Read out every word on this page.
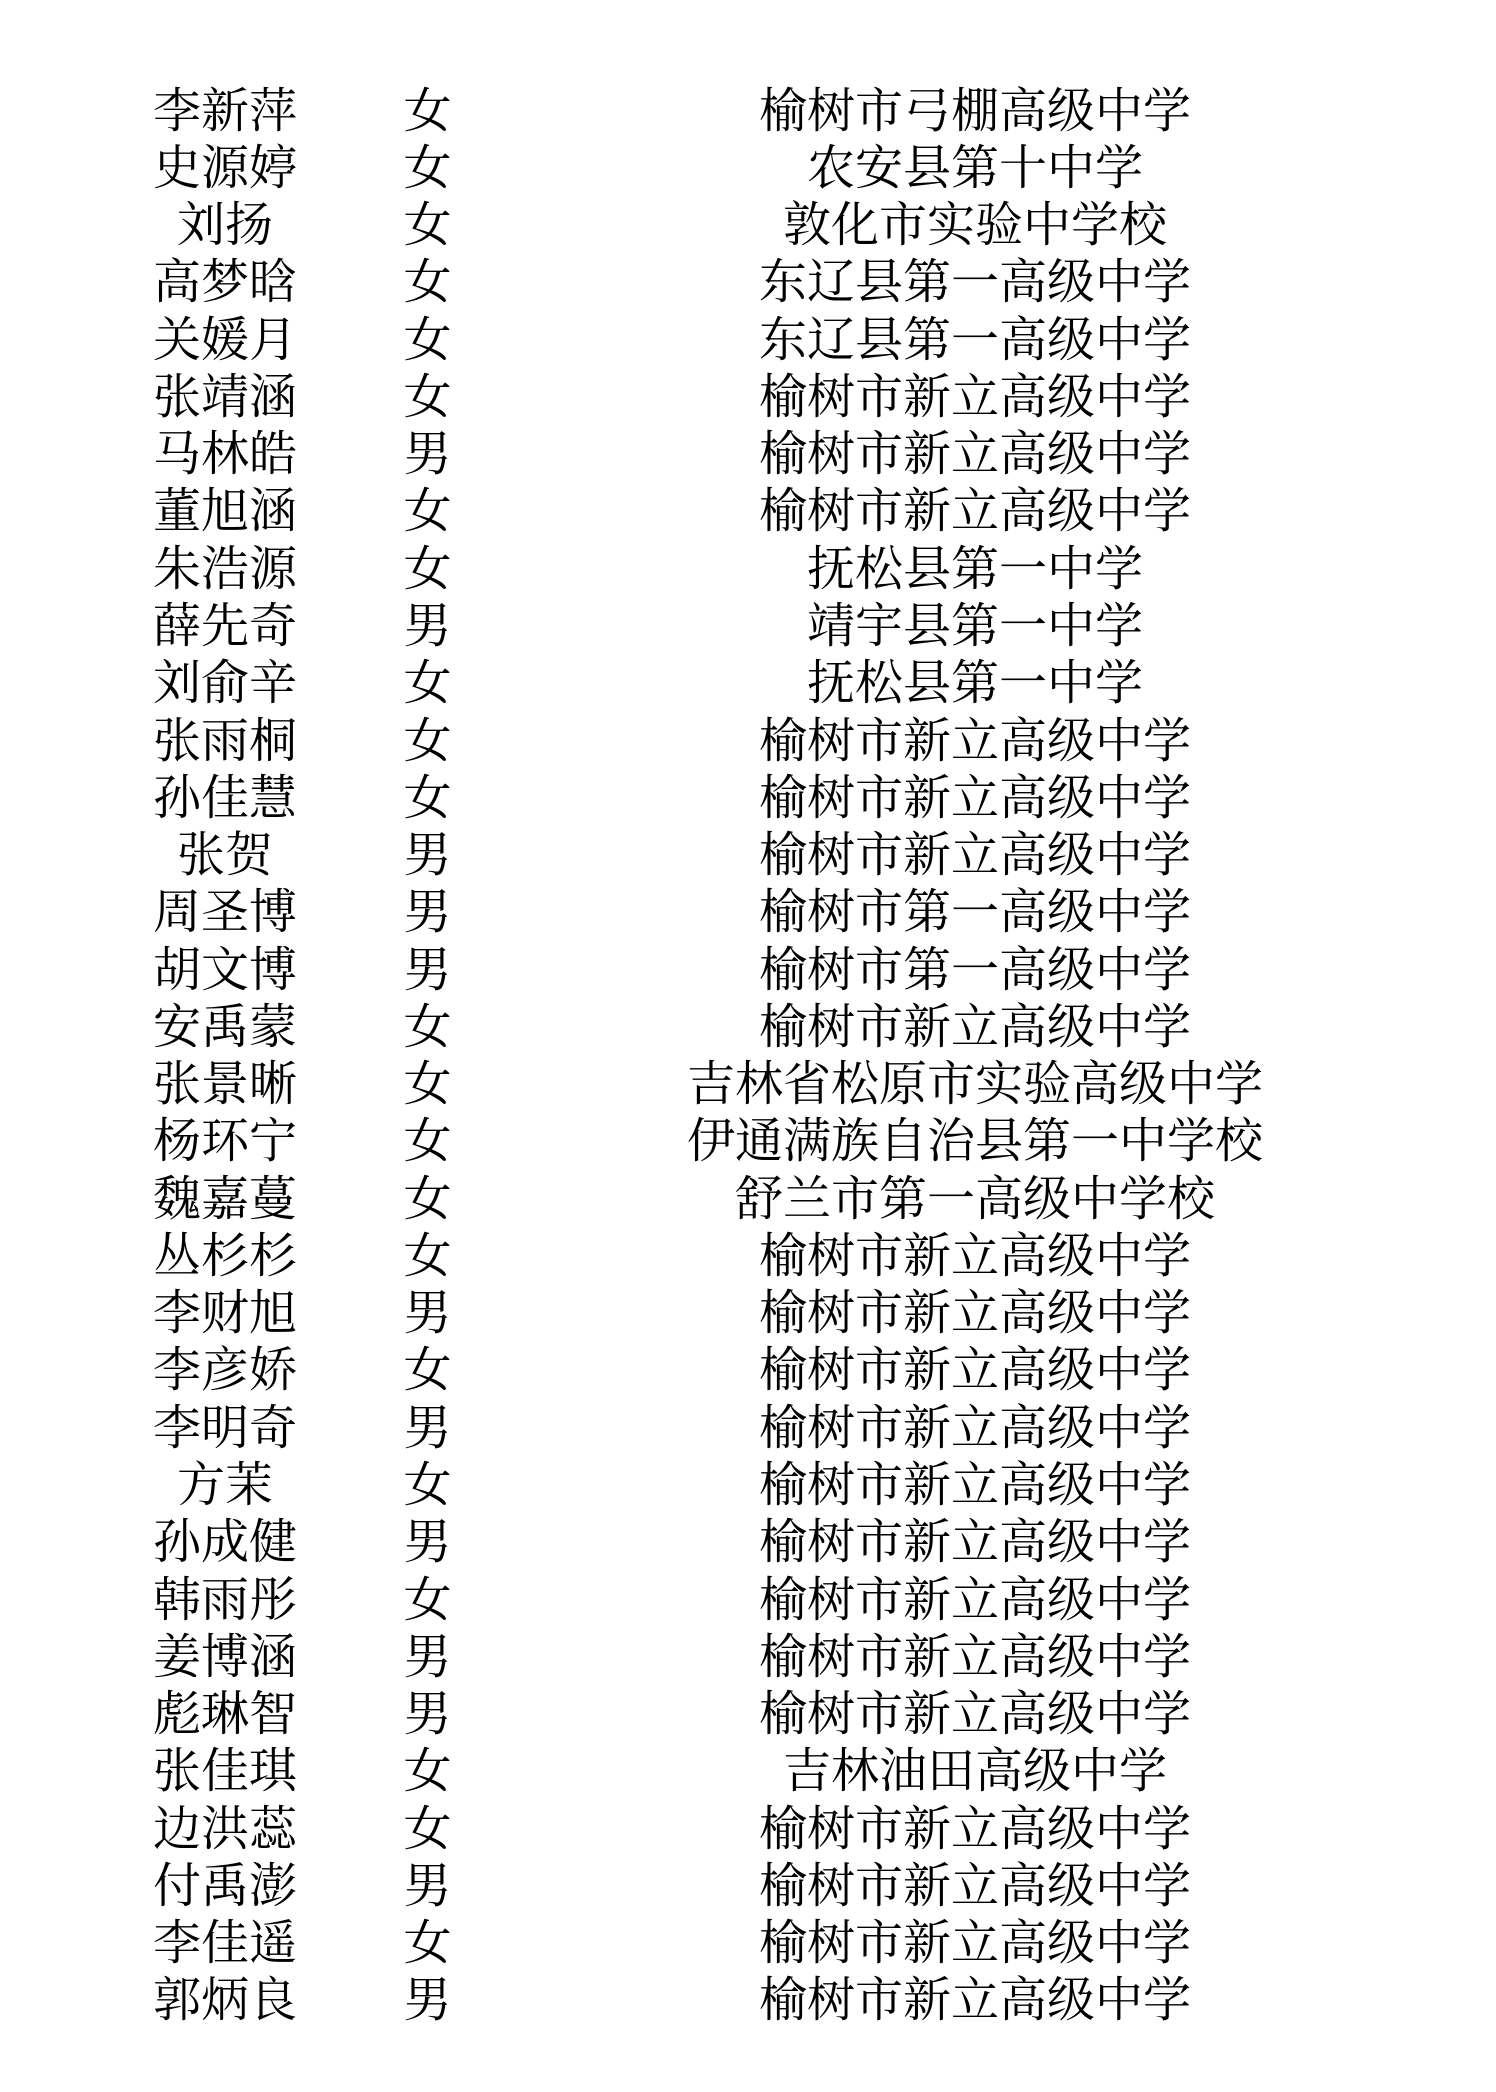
李新萍	女	榆树市弓棚高级中学
史源婷	女	农安县第十中学
刘扬	女	敦化市实验中学校
高梦晗	女	东辽县第一高级中学
关媛月	女	东辽县第一高级中学
张靖涵	女	榆树市新立高级中学
马林皓	男	榆树市新立高级中学
董旭涵	女	榆树市新立高级中学
朱浩源	女	抚松县第一中学
薛先奇	男	靖宇县第一中学
刘俞辛	女	抚松县第一中学
张雨桐	女	榆树市新立高级中学
孙佳慧	女	榆树市新立高级中学
张贺	男	榆树市新立高级中学
周圣博	男	榆树市第一高级中学
胡文博	男	榆树市第一高级中学
安禹蒙	女	榆树市新立高级中学
张景晰	女	吉林省松原市实验高级中学
杨环宁	女	伊通满族自治县第一中学校
魏嘉蔓	女	舒兰市第一高级中学校
丛杉杉	女	榆树市新立高级中学
李财旭	男	榆树市新立高级中学
李彦娇	女	榆树市新立高级中学
李明奇	男	榆树市新立高级中学
方茉	女	榆树市新立高级中学
孙成健	男	榆树市新立高级中学
韩雨彤	女	榆树市新立高级中学
姜博涵	男	榆树市新立高级中学
彪琳智	男	榆树市新立高级中学
张佳琪	女	吉林油田高级中学
边洪蕊	女	榆树市新立高级中学
付禹澎	男	榆树市新立高级中学
李佳遥	女	榆树市新立高级中学
郭炳良	男	榆树市新立高级中学
